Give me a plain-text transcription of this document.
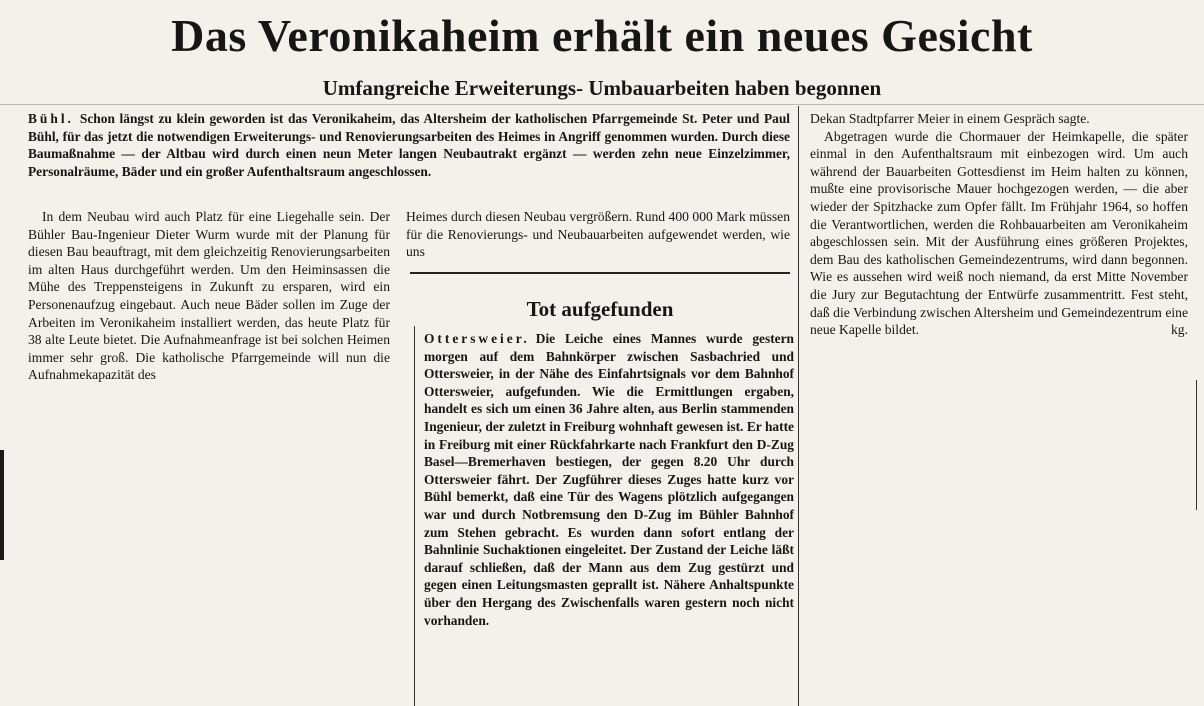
Das Veronikaheim erhält ein neues Gesicht
Umfangreiche Erweiterungs- Umbauarbeiten haben begonnen

Bühl. Schon längst zu klein geworden ist das Veronikaheim, das Altersheim der katholischen Pfarrgemeinde St. Peter und Paul Bühl, für das jetzt die notwendigen Erweiterungs- und Renovierungsarbeiten des Heimes in Angriff genommen wurden. Durch diese Baumaßnahme — der Altbau wird durch einen neun Meter langen Neubautrakt ergänzt — werden zehn neue Einzelzimmer, Personalräume, Bäder und ein großer Aufenthaltsraum angeschlossen.

In dem Neubau wird auch Platz für eine Liegehalle sein. Der Bühler Bau-Ingenieur Dieter Wurm wurde mit der Planung für diesen Bau beauftragt, mit dem gleichzeitig Renovierungsarbeiten im alten Haus durchgeführt werden. Um den Heiminsassen die Mühe des Treppensteigens in Zukunft zu ersparen, wird ein Personenaufzug eingebaut. Auch neue Bäder sollen im Zuge der Arbeiten im Veronikaheim installiert werden, das heute Platz für 38 alte Leute bietet. Die Aufnahmeanfrage ist bei solchen Heimen immer sehr groß. Die katholische Pfarrgemeinde will nun die Aufnahmekapazität des

Heimes durch diesen Neubau vergrößern. Rund 400 000 Mark müssen für die Renovierungs- und Neubauarbeiten aufgewendet werden, wie uns

Tot aufgefunden

Ottersweier. Die Leiche eines Mannes wurde gestern morgen auf dem Bahnkörper zwischen Sasbachried und Ottersweier, in der Nähe des Einfahrtsignals vor dem Bahnhof Ottersweier, aufgefunden. Wie die Ermittlungen ergaben, handelt es sich um einen 36 Jahre alten, aus Berlin stammenden Ingenieur, der zuletzt in Freiburg wohnhaft gewesen ist. Er hatte in Freiburg mit einer Rückfahrkarte nach Frankfurt den D-Zug Basel—Bremerhaven bestiegen, der gegen 8.20 Uhr durch Ottersweier fährt. Der Zugführer dieses Zuges hatte kurz vor Bühl bemerkt, daß eine Tür des Wagens plötzlich aufgegangen war und durch Notbremsung den D-Zug im Bühler Bahnhof zum Stehen gebracht. Es wurden dann sofort entlang der Bahnlinie Suchaktionen eingeleitet. Der Zustand der Leiche läßt darauf schließen, daß der Mann aus dem Zug gestürzt und gegen einen Leitungsmasten geprallt ist. Nähere Anhaltspunkte über den Hergang des Zwischenfalls waren gestern noch nicht vorhanden.

Dekan Stadtpfarrer Meier in einem Gespräch sagte.

Abgetragen wurde die Chormauer der Heimkapelle, die später einmal in den Aufenthaltsraum mit einbezogen wird. Um auch während der Bauarbeiten Gottesdienst im Heim halten zu können, mußte eine provisorische Mauer hochgezogen werden, — die aber wieder der Spitzhacke zum Opfer fällt. Im Frühjahr 1964, so hoffen die Verantwortlichen, werden die Rohbauarbeiten am Veronikaheim abgeschlossen sein. Mit der Ausführung eines größeren Projektes, dem Bau des katholischen Gemeindezentrums, wird dann begonnen. Wie es aussehen wird weiß noch niemand, da erst Mitte November die Jury zur Begutachtung der Entwürfe zusammentritt. Fest steht, daß die Verbindung zwischen Altersheim und Gemeindezentrum eine neue Kapelle bildet.	kg.
